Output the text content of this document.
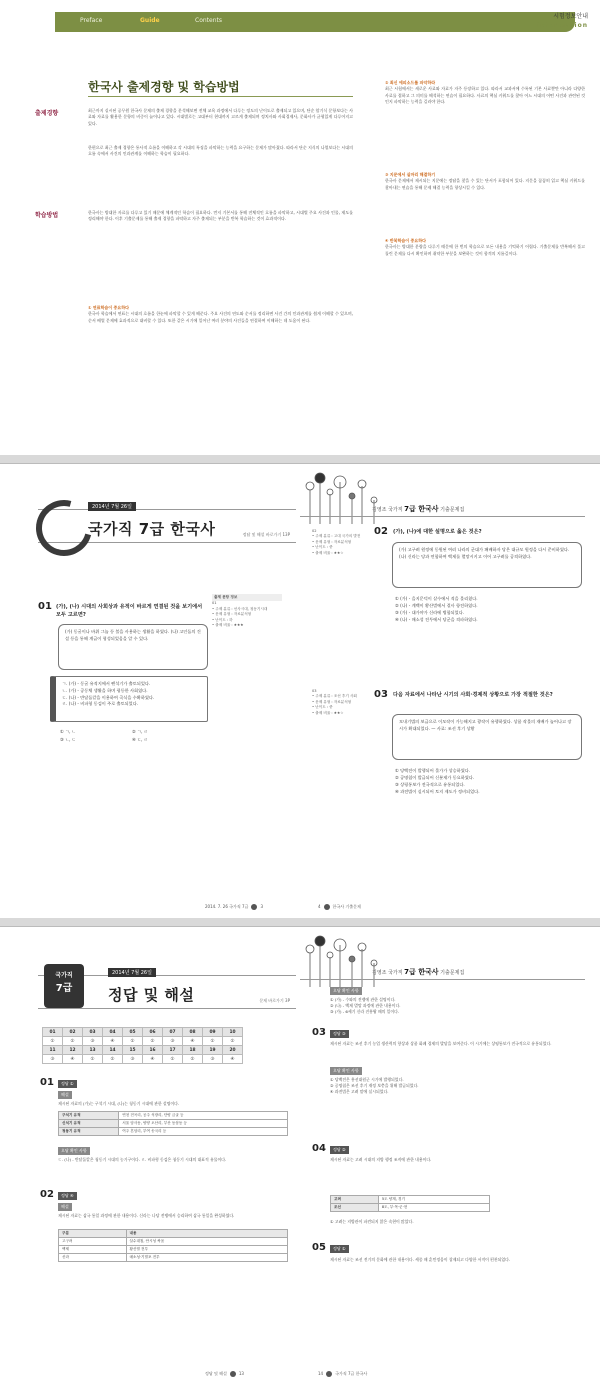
Preface	Guide	Contents
시험정보안내
information
한국사 출제경향 및 학습방법
출제경향	최근까지 실시된 공무원 한국사 문제의 출제 경향을 분석해보면 전체 교육 과정에서 다루는 정도의 난이도로 출제되고 있으며, 단순 암기식 문항보다는 사료와 자료를 활용한 문항의 비중이 늘어나고 있다. 시대별로는 고대부터 현대까지 고르게 출제되며 정치사와 사회경제사, 문화사가 균형있게 다루어지고 있다.
한편으로 최근 출제 경향은 통사적 흐름을 이해하고 각 시대의 특징을 파악하는 능력을 요구하는 문제가 많아졌다. 따라서 단순 지식의 나열보다는 시대의 흐름 속에서 사건의 인과관계를 이해하는 학습이 필요하다.
학습방법	한국사는 방대한 자료를 다루고 있기 때문에 체계적인 학습이 필요하다. 먼저 기본서를 통해 전체적인 흐름을 파악하고, 시대별 주요 사건과 인물, 제도를 정리해야 한다. 이후 기출문제를 통해 출제 경향을 파악하고 자주 출제되는 부분을 반복 학습하는 것이 효과적이다.
① 연표학습이 중요하다
한국사 학습에서 연표는 시대의 흐름을 한눈에 파악할 수 있게 해준다. 주요 사건의 연도와 순서를 정리하면 사건 간의 인과관계를 쉽게 이해할 수 있으며, 순서 배열 문제에 효과적으로 대비할 수 있다. 또한 같은 시기에 일어난 여러 분야의 사건들을 연결하여 이해하는 데 도움이 된다.
② 최신 에피소드를 파악하라
최근 시험에서는 새로운 사료와 자료가 자주 등장하고 있다. 따라서 교과서에 수록된 기본 사료뿐만 아니라 다양한 사료를 접하고 그 의미를 해석하는 연습이 필요하다. 사료의 핵심 키워드를 찾아 어느 시대의 어떤 사건과 관련된 것인지 파악하는 능력을 길러야 한다.
③ 지문에서 실마리 해결하기
한국사 문제에서 제시되는 지문에는 정답을 찾을 수 있는 단서가 포함되어 있다. 지문을 꼼꼼히 읽고 핵심 키워드를 찾아내는 연습을 통해 문제 해결 능력을 향상시킬 수 있다.
④ 반복학습이 중요하다
한국사는 방대한 분량을 다루기 때문에 한 번의 학습으로 모든 내용을 기억하기 어렵다. 기출문제를 반복해서 풀고 틀린 문제를 다시 확인하며 취약한 부분을 보완하는 것이 합격의 지름길이다.
2014년 7월 26일
국가직 7급 한국사	정답 및 해설 바로가기 13P
김영조 국가직 7급 한국사 기출문제집
출제 문항 정보
01
• 주제 분류 : 선사시대, 청동기시대
• 문제 유형 : 자료분석형
• 난이도 : 하
• 출제 비율 : ★★★
01 (가), (나) 시대의 사회상과 유적이 바르게 연결된 것을 보기에서 모두 고르면?
(가) 동굴이나 바위 그늘 등 불을 사용하는 생활을 하였다. (나) 고인돌의 건설 등을 통해 계급이 형성되었음을 알 수 있다.
ㄱ. (가) - 동굴 유적지에서 뗀석기가 출토되었다.
ㄴ. (가) - 공동체 생활을 하며 평등한 사회였다.
ㄷ. (나) - 반달돌칼을 이용하여 곡식을 수확하였다.
ㄹ. (나) - 비파형 동검이 주로 출토되었다.
① ㄱ, ㄴ	② ㄱ, ㄹ
③ ㄴ, ㄷ	④ ㄷ, ㄹ
02
• 주제 분류 : 고대 국가의 발전
• 문제 유형 : 자료분석형
• 난이도 : 중
• 출제 비율 : ★★☆
02 (가), (나)에 대한 설명으로 옳은 것은?
(가) 고구려 원정에 동원된 여러 나라의 군대가 패배하자 당은 대규모 원정을 다시 준비하였다. (나) 신라는 당과 연합하여 백제를 멸망시키고 이어 고구려를 공격하였다.
① (가) - 을지문덕이 살수에서 적을 물리쳤다.
② (나) - 계백이 황산벌에서 결사 항전하였다.
③ (가) - 대가야가 신라에 병합되었다.
④ (나) - 매소성 전투에서 당군을 격파하였다.
03
• 주제 분류 : 조선 후기 사회
• 문제 유형 : 자료분석형
• 난이도 : 중
• 출제 비율 : ★★☆
03 다음 자료에서 나타난 시기의 사회·경제적 상황으로 가장 적절한 것은?
모내기법의 보급으로 이모작이 가능해지고 광작이 유행하였다. 상품 작물의 재배가 늘어나고 장시가 확대되었다. — 사료: 조선 후기 상황
① 당백전이 발행되어 물가가 상승하였다.
② 공명첩이 발급되어 신분제가 동요하였다.
③ 상평통보가 전국적으로 유통되었다.
④ 과전법이 실시되어 토지 제도가 정비되었다.
2014. 7. 26 국가직 7급	3	4	한국사 기출문제
국가직
7급
2014년 7월 26일
정답 및 해설	문제 바로가기 3P
01	02	03	04	05	06	07	08	09	10
①	②	③	④	①	②	③	④	①	②
11	12	13	14	15	16	17	18	19	20
③	④	①	②	③	④	①	②	③	④
01	정답 ①
해설
제시된 자료의 (가)는 구석기 시대, (나)는 청동기 시대에 관한 설명이다.
구석기 유적	연천 전곡리, 공주 석장리, 단양 금굴 등
신석기 유적	서울 암사동, 양양 오산리, 부산 동삼동 등
청동기 유적	여주 흔암리, 부여 송국리 등
오답 확인 사항
ㄷ. (나) - 반달돌칼은 청동기 시대의 농기구이다. ㄹ. 비파형 동검은 청동기 시대의 대표적 유물이다.
02	정답 ④
해설
제시된 자료는 삼국 통일 과정에 관한 내용이다. 신라는 나당 전쟁에서 승리하여 삼국 통일을 완성하였다.
구분	내용
고구려	살수대첩, 안시성 싸움
백제	황산벌 전투
신라	매소성·기벌포 전투
김영조 국가직 7급 한국사 기출문제집
오답 확인 사항
① (가) - 수와의 전쟁에 관한 설명이다.
② (나) - 백제 멸망 과정에 관한 내용이다.
③ (가) - 6세기 신라 진흥왕 때의 일이다.
03	정답 ③
제시된 자료는 조선 후기 농업 생산력의 향상과 상품 화폐 경제의 발달을 보여준다. 이 시기에는 상평통보가 전국적으로 유통되었다.
오답 확인 사항
① 당백전은 흥선대원군 시기에 발행되었다.
② 공명첩은 조선 후기 재정 보충을 위해 발급되었다.
④ 과전법은 고려 말에 실시되었다.
04	정답 ②
제시된 자료는 고려 시대의 지방 행정 조직에 관한 내용이다.
고려	5도 양계, 경기
조선	8도, 부·목·군·현
① 고려는 지방관이 파견되지 않은 속현이 많았다.
05	정답 ①
제시된 자료는 조선 전기의 문화에 관한 내용이다. 세종 때 훈민정음이 창제되고 다양한 서적이 편찬되었다.
정답 및 해설	13	14	국가직 7급 한국사
